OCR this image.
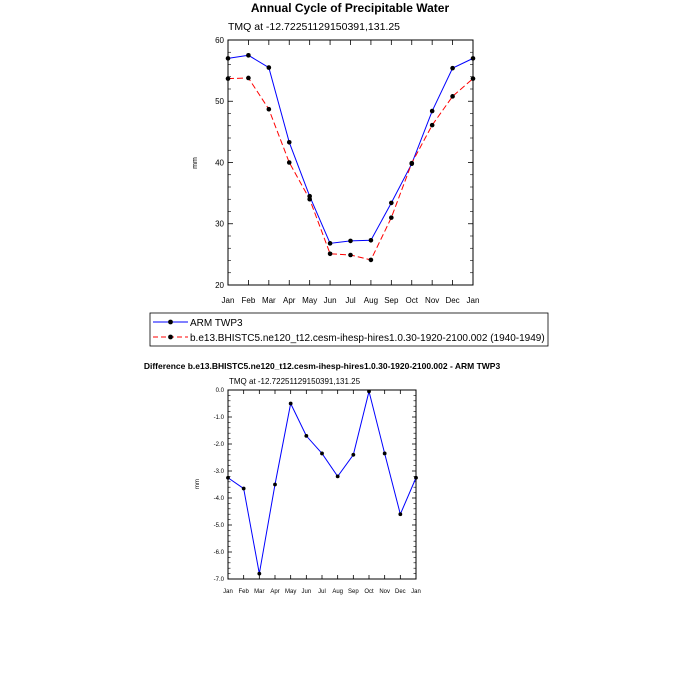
Annual Cycle of Precipitable Water
TMQ at -12.72251129150391,131.25
mm
Jan Feb Mar Apr May Jun Jul Aug Sep Oct Nov Dec Jan
20
30
40
50
60
ARM TWP3
b.e13.BHISTC5.ne120_t12.cesm-ihesp-hires1.0.30-1920-2100.002 (1940-1949)
Difference b.e13.BHISTC5.ne120_t12.cesm-ihesp-hires1.0.30-1920-2100.002 - ARM TWP3
TMQ at -12.72251129150391,131.25
mm
Jan Feb Mar Apr May Jun Jul Aug Sep Oct Nov Dec Jan
-7.0
-6.0
-5.0
-4.0
-3.0
-2.0
-1.0
0.0
